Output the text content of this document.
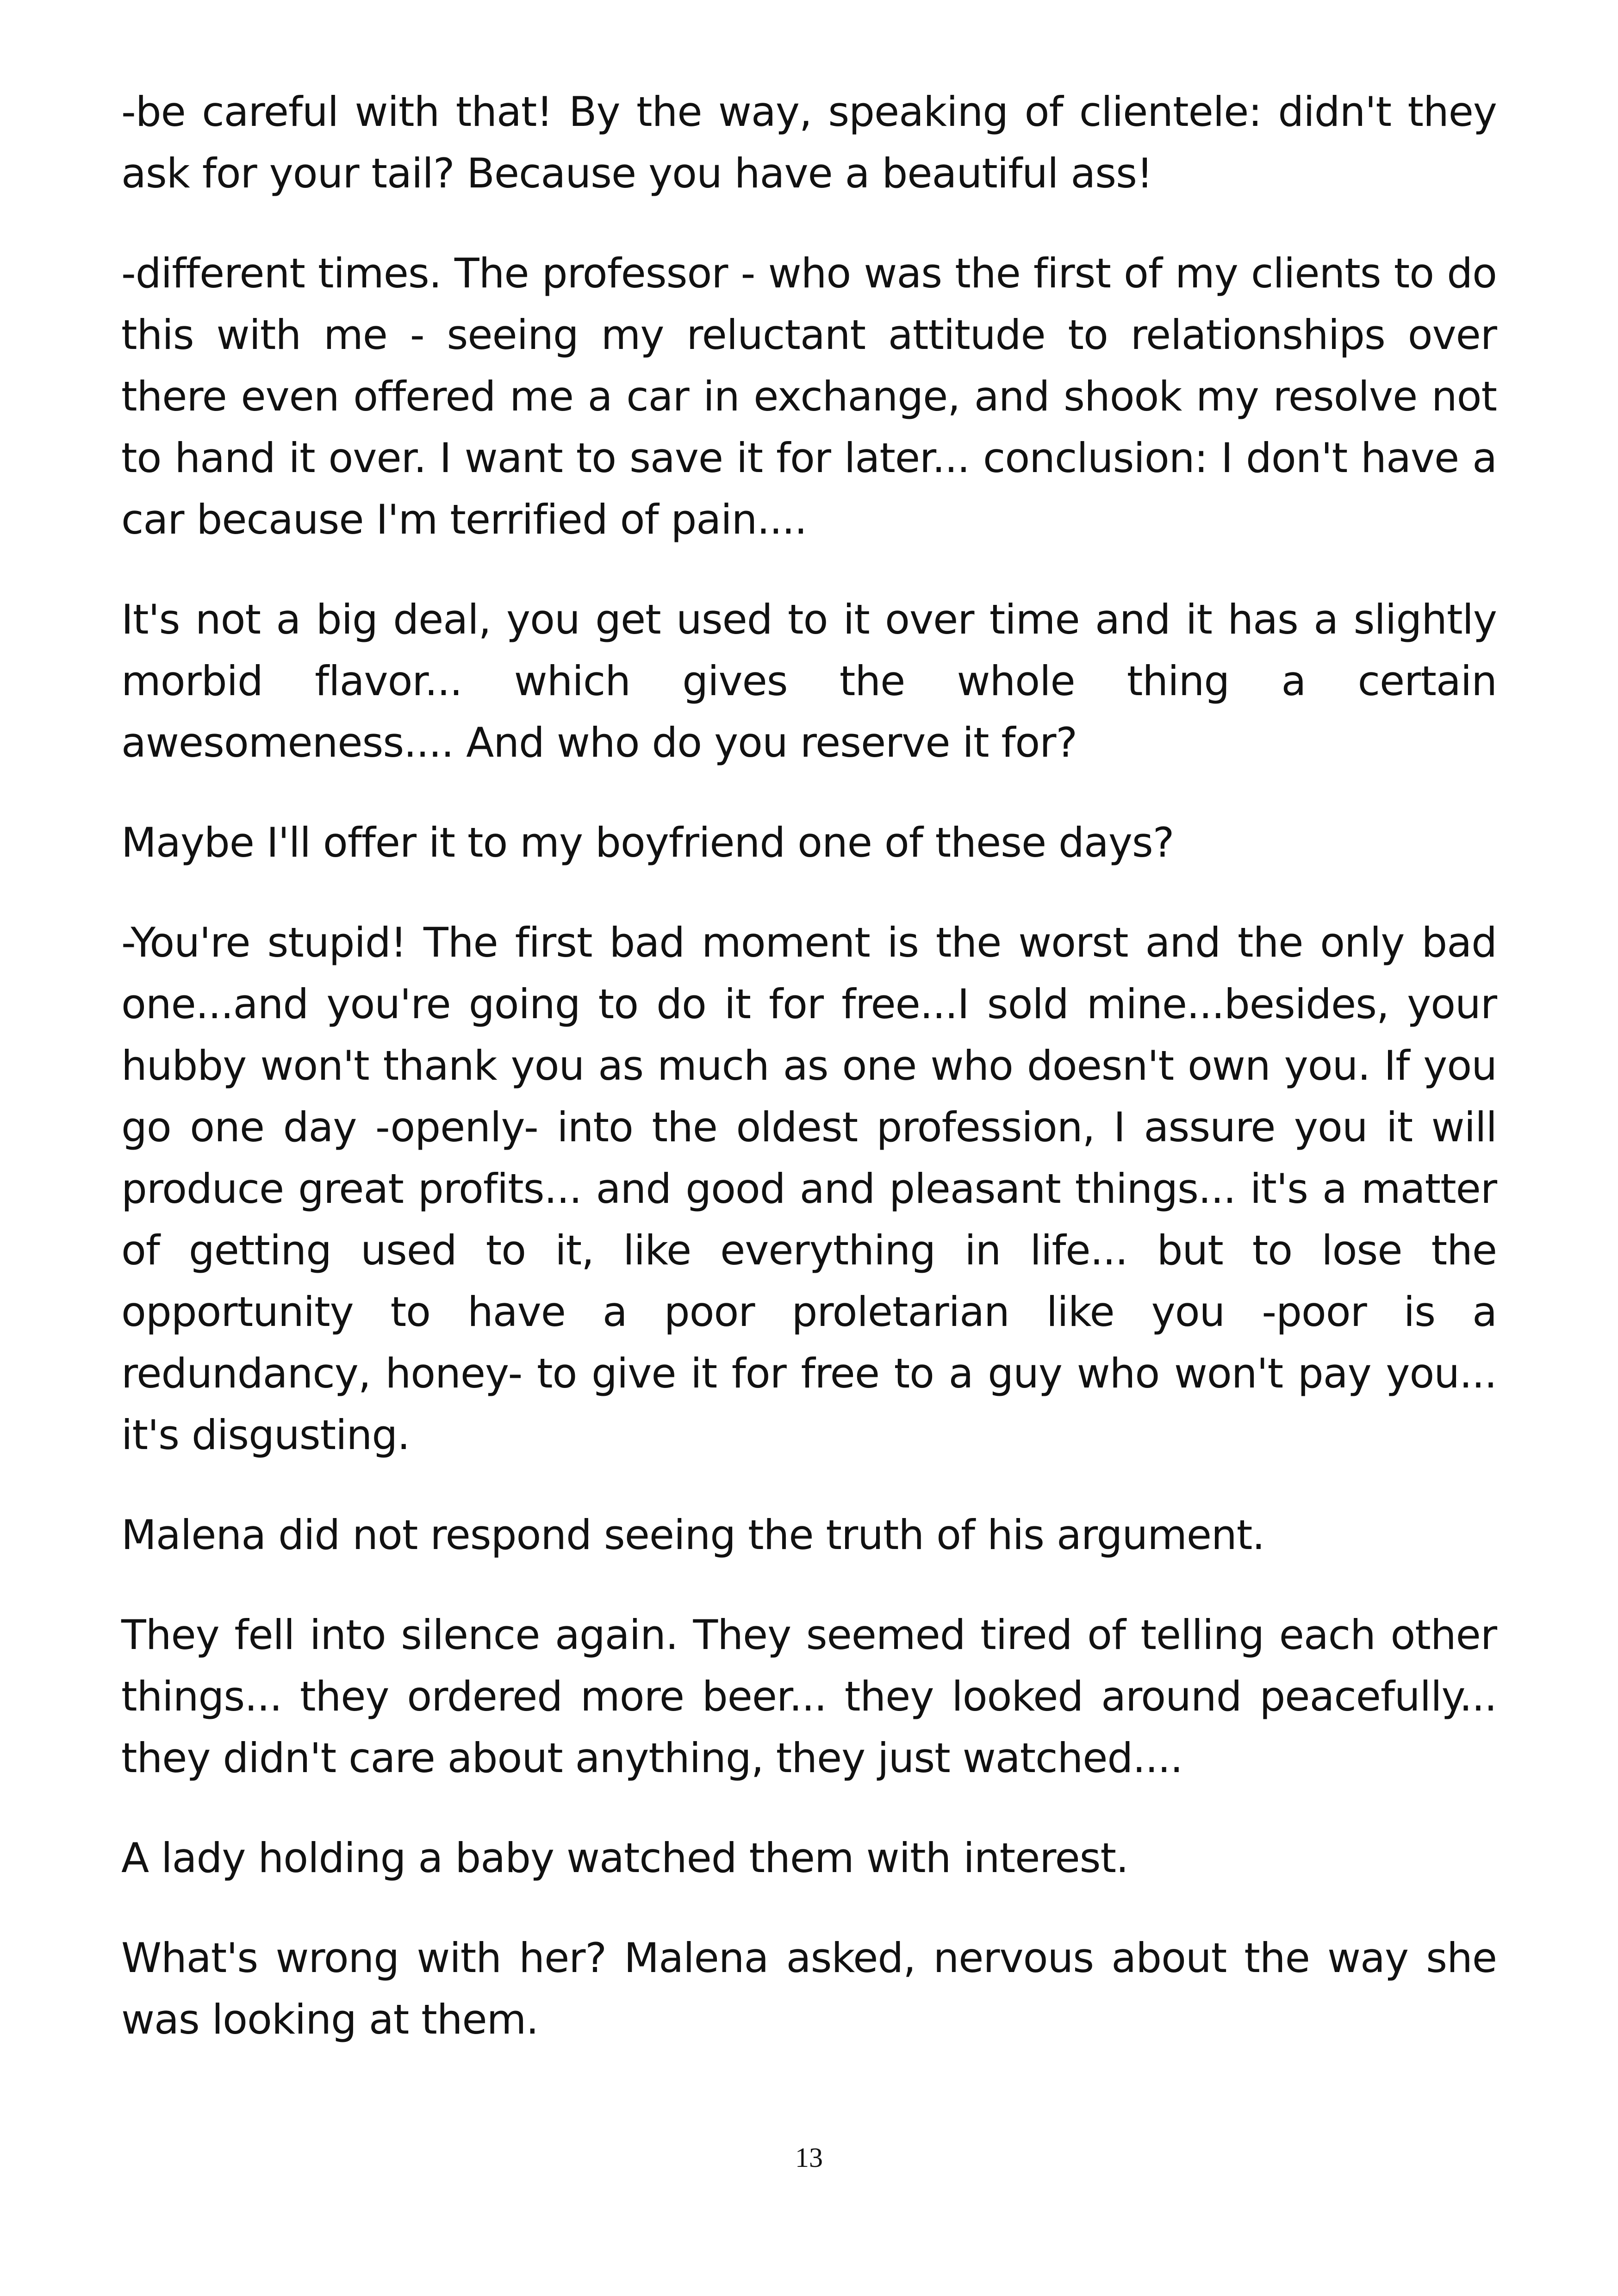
-be careful with that! By the way, speaking of clientele: didn't they ask for your tail? Because you have a beautiful ass!

-different times. The professor - who was the first of my clients to do this with me - seeing my reluctant attitude to relationships over there even offered me a car in exchange, and shook my resolve not to hand it over. I want to save it for later... conclusion: I don't have a car because I'm terrified of pain....

It's not a big deal, you get used to it over time and it has a slightly morbid flavor... which gives the whole thing a certain awesomeness.... And who do you reserve it for?

Maybe I'll offer it to my boyfriend one of these days?

-You're stupid! The first bad moment is the worst and the only bad one...and you're going to do it for free...I sold mine...besides, your hubby won't thank you as much as one who doesn't own you. If you go one day -openly- into the oldest profession, I assure you it will produce great profits... and good and pleasant things... it's a matter of getting used to it, like everything in life... but to lose the opportunity to have a poor proletarian like you -poor is a redundancy, honey- to give it for free to a guy who won't pay you... it's disgusting.

Malena did not respond seeing the truth of his argument.

They fell into silence again. They seemed tired of telling each other things... they ordered more beer... they looked around peacefully... they didn't care about anything, they just watched....

A lady holding a baby watched them with interest.

What's wrong with her? Malena asked, nervous about the way she was looking at them.

13
